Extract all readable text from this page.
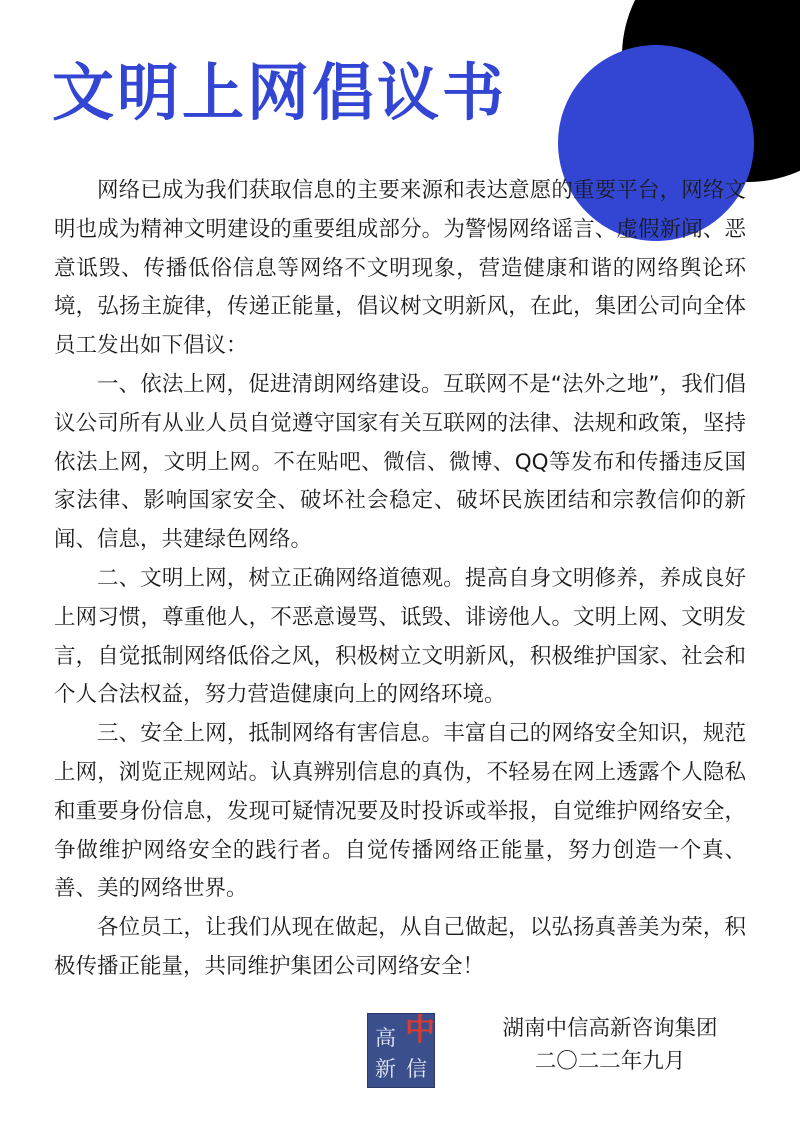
文明上网倡议书

网络已成为我们获取信息的主要来源和表达意愿的重要平台，网络文明也成为精神文明建设的重要组成部分。为警惕网络谣言、虚假新闻、恶意诋毁、传播低俗信息等网络不文明现象，营造健康和谐的网络舆论环境，弘扬主旋律，传递正能量，倡议树文明新风，在此，集团公司向全体员工发出如下倡议：

一、依法上网，促进清朗网络建设。互联网不是“法外之地”，我们倡议公司所有从业人员自觉遵守国家有关互联网的法律、法规和政策，坚持依法上网，文明上网。不在贴吧、微信、微博、QQ等发布和传播违反国家法律、影响国家安全、破坏社会稳定、破坏民族团结和宗教信仰的新闻、信息，共建绿色网络。

二、文明上网，树立正确网络道德观。提高自身文明修养，养成良好上网习惯，尊重他人，不恶意谩骂、诋毁、诽谤他人。文明上网、文明发言，自觉抵制网络低俗之风，积极树立文明新风，积极维护国家、社会和个人合法权益，努力营造健康向上的网络环境。

三、安全上网，抵制网络有害信息。丰富自己的网络安全知识，规范上网，浏览正规网站。认真辨别信息的真伪，不轻易在网上透露个人隐私和重要身份信息，发现可疑情况要及时投诉或举报，自觉维护网络安全，争做维护网络安全的践行者。自觉传播网络正能量，努力创造一个真、善、美的网络世界。

各位员工，让我们从现在做起，从自己做起，以弘扬真善美为荣，积极传播正能量，共同维护集团公司网络安全！

高 中
新 信
湖南中信高新咨询集团
二〇二二年九月
